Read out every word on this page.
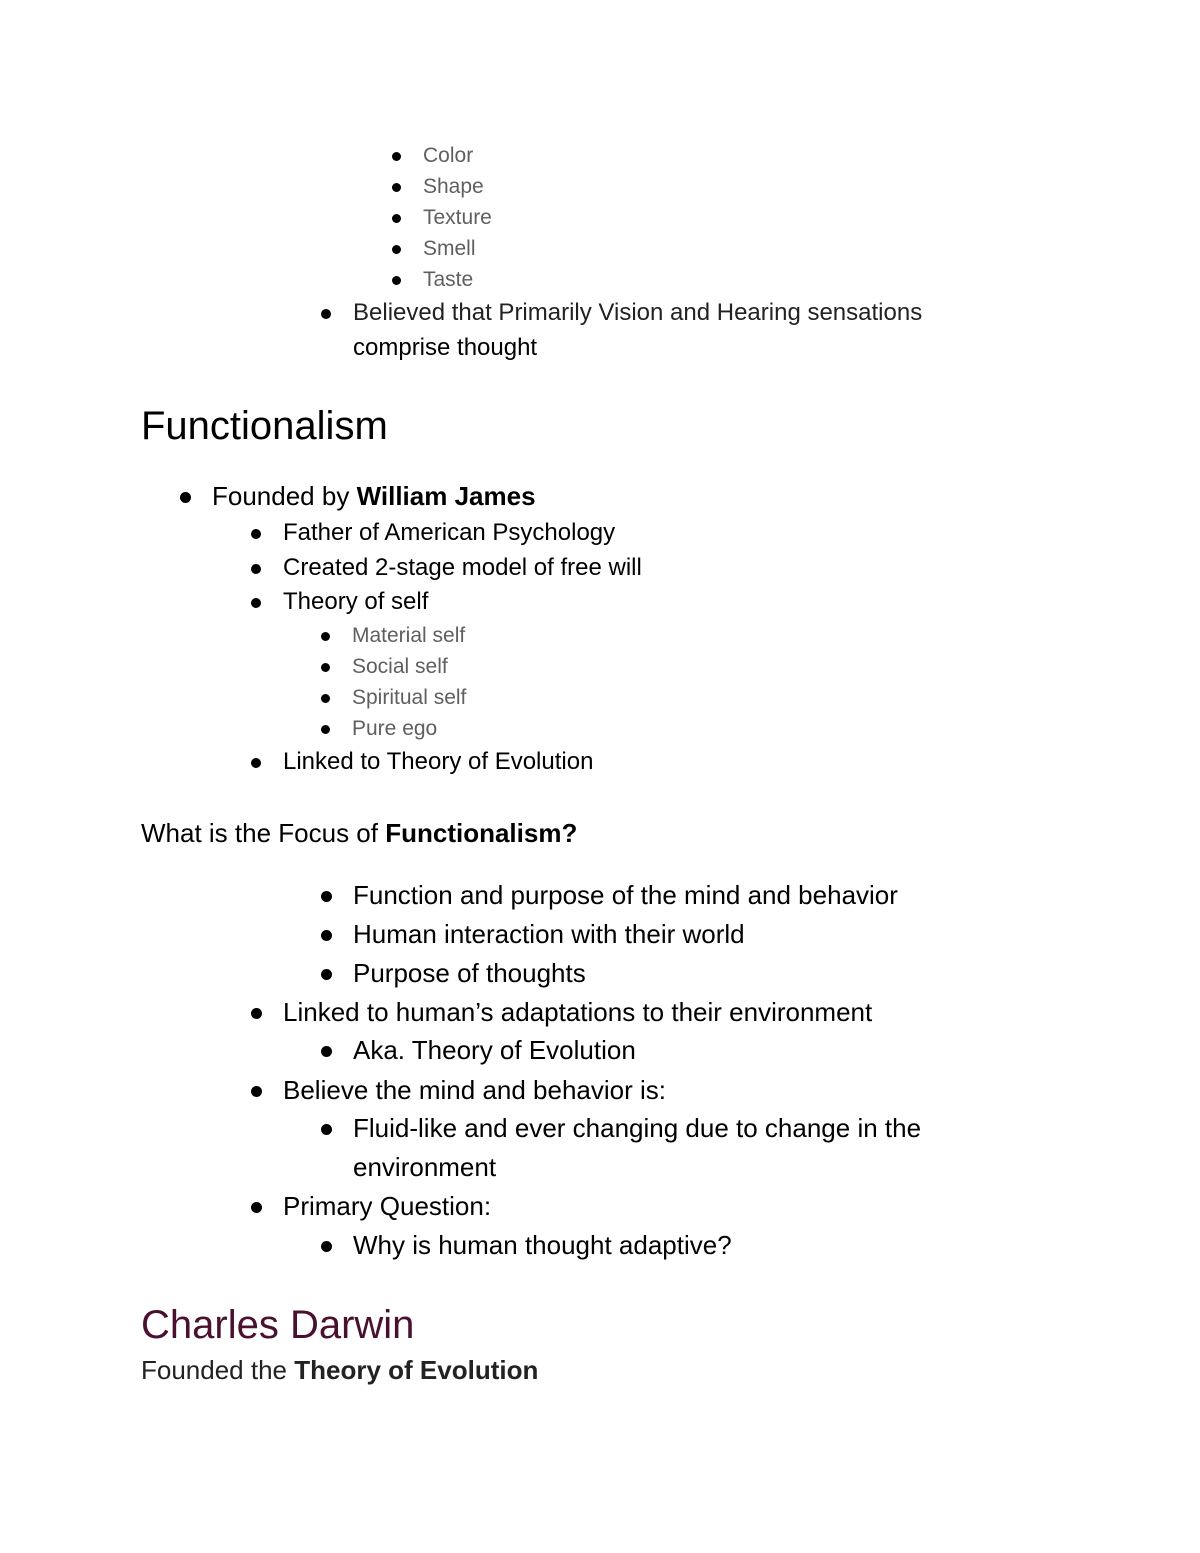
Color
Shape
Texture
Smell
Taste
Believed that Primarily Vision and Hearing sensations
comprise thought
Functionalism
Founded by William James
Father of American Psychology
Created 2-stage model of free will
Theory of self
Material self
Social self
Spiritual self
Pure ego
Linked to Theory of Evolution
What is the Focus of Functionalism?
Function and purpose of the mind and behavior
Human interaction with their world
Purpose of thoughts
Linked to human’s adaptations to their environment
Aka. Theory of Evolution
Believe the mind and behavior is:
Fluid-like and ever changing due to change in the
environment
Primary Question:
Why is human thought adaptive?
Charles Darwin
Founded the Theory of Evolution
